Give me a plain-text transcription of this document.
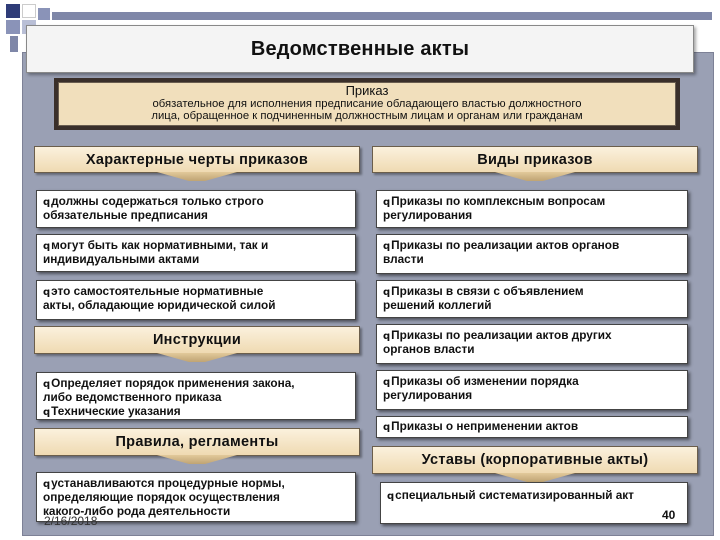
Ведомственные акты
Приказ
обязательное для исполнения предписание обладающего властью должностного
лица, обращенное к подчиненным должностным лицам и органам или гражданам
Характерные черты приказов	Виды приказов
qдолжны содержаться только строго
обязательные предписания
qмогут быть как нормативными, так и
индивидуальными актами
qэто самостоятельные нормативные
акты, обладающие юридической силой
Инструкции
qОпределяет порядок применения закона,
либо ведомственного приказа
qТехнические указания
Правила, регламенты
qустанавливаются процедурные нормы,
определяющие порядок осуществления
какого-либо рода деятельности
qПриказы по комплексным вопросам
регулирования
qПриказы по реализации актов органов
власти
qПриказы в связи с объявлением
решений коллегий
qПриказы по реализации актов других
органов власти
qПриказы об изменении порядка
регулирования
qПриказы о неприменении актов
Уставы (корпоративные акты)
qспециальный систематизированный акт
2/16/2018	40
